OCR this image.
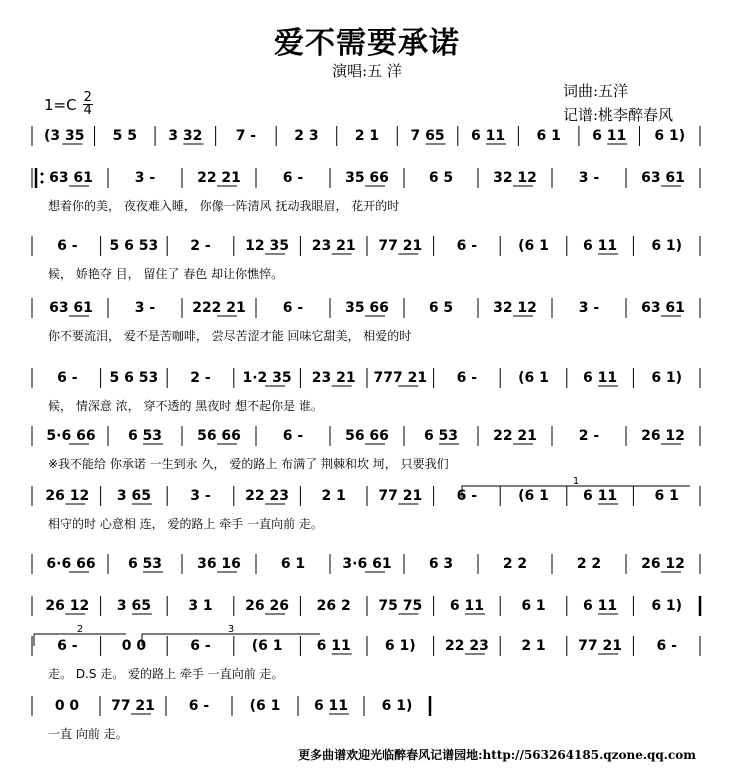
爱不需要承诺
演唱:五 洋
$1=C \frac{2}{4}$
词曲:五洋
记谱:桃李醉春风
(3 35 5 5 3 32 7 -	2 3	2 1 7 65 6 11 6 1 6 11 6 1)
63 61	3 -	22 21	6 -	35 66	6 5	32 12	3 -	63 61
想着你的美， 夜夜难入睡， 你像一阵清风 抚动我眼眉， 花开的时
6 - 5 6 53 2 - 12 35 23 21 77 21 6 -	(6 1 6 11 6 1)
候， 娇艳夺 目， 留住了 春色 却让你憔悴。
63 61	3 -	222 21	6 -	35 66	6 5	32 12	3 -	63 61
你不要流泪， 爱不是苦咖啡， 尝尽苦涩才能 回味它甜美， 相爱的时
6 - 5 6 53 2 - 1·2 35 23 21 777 21 6 -	(6 1 6 11 6 1)
候， 情深意 浓， 穿不透的 黑夜时 想不起你是 谁。
5·6 66 6 53	56 66	6 -	56 66	6 53	22 21	2 -	26 12
※我不能给 你承诺 一生到永 久， 爱的路上 布满了 荆棘和坎 坷， 只要我们
26 12 3 65	3 - 22 23 2 1 77 21 6 -	(6 1 6 11	6 1
相守的时 心意相 连， 爱的路上 牵手 一直向前 走。
6·6 66 6 53	36 16	6 1	3·6 61	6 3	2 2	2 2	26 12
26 12 3 65	3 1 26 26 26 2 75 75 6 11	6 1	6 11 6 1)
6 -	0 0	6 -	(6 1 6 11 6 1) 22 23 2 1 77 21 6 -
走。 D.S 走。 爱的路上 牵手 一直向前 走。
0 0 77 21 6 -	(6 1 6 11 6 1)
一直 向前 走。
1
2	3
更多曲谱欢迎光临醉春风记谱园地:http://563264185.qzone.qq.com
